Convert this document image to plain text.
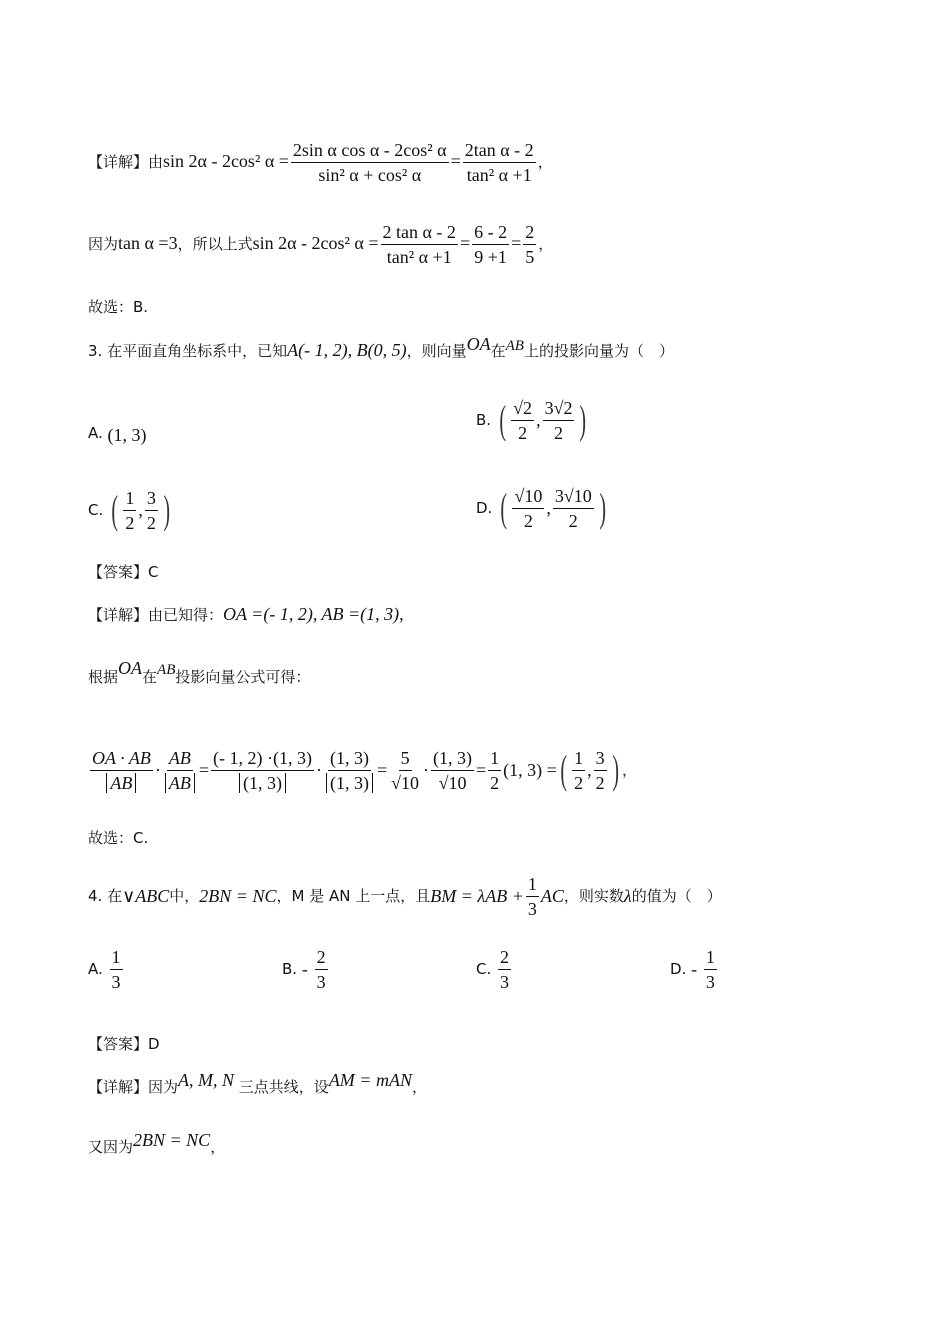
【详解】由sin 2α - 2cos² $\alpha = \frac{\text{2sin α cos α - 2cos² α}}{\text{sin² α + cos² α}} = \frac{\text{2tan α - 2}}{\text{tan² α +1}}$ ，
因为tan α =3，所以上式sin 2α - 2cos² $\alpha = \frac{\text{2 tan α - 2}}{\text{tan² α +1}} = \frac{6 - 2}{9 +1} = \frac{2}{5}$ ，
故选：B.
3. 在平面直角坐标系中，已知A(- 1, 2), B(0, 5)，则向量OA在AB上的投影向量为（　）
A. (1, 3)
B.
( $\frac{√2}{2}$ , $\frac{3√2}{2}$ )
C.
( $\frac{1}{2}$ , $\frac{3}{2}$ )	D.
( $\frac{√10}{2}$ , $\frac{3√10}{2}$ )
【答案】C
【详解】由已知得：OA =(- 1, 2), AB =(1, 3),
根据OA在AB投影向量公式可得：
$\frac{OA \cdot AB}{AB} \cdot \frac{AB}{AB} = \frac{(- 1, 2) \cdot(1, 3)}{(1, 3)} \cdot \frac{(1, 3)}{(1, 3)} = \frac{5}{√10} \cdot \frac{(1, 3)}{√10} = \frac{1}{2} (1$, 3) = ( $\frac{1}{2}$ , $\frac{3}{2}$ ) ，
故选：C.
4.
在 ∨ABC 中， 2BN = NC ， M
是
AN
上一点，且 BM = $\lambda AB + \frac{1}{3}$ AC ，则实数 λ 的值为（　）
A.
$\frac{1}{3}$	B.
-
$\frac{2}{3}$	C.
$\frac{2}{3}$	D.
-
$\frac{1}{3}$
【答案】D
【详解】因为A, M, N 三点共线，设AM = mAN，
又因为2BN = NC，
